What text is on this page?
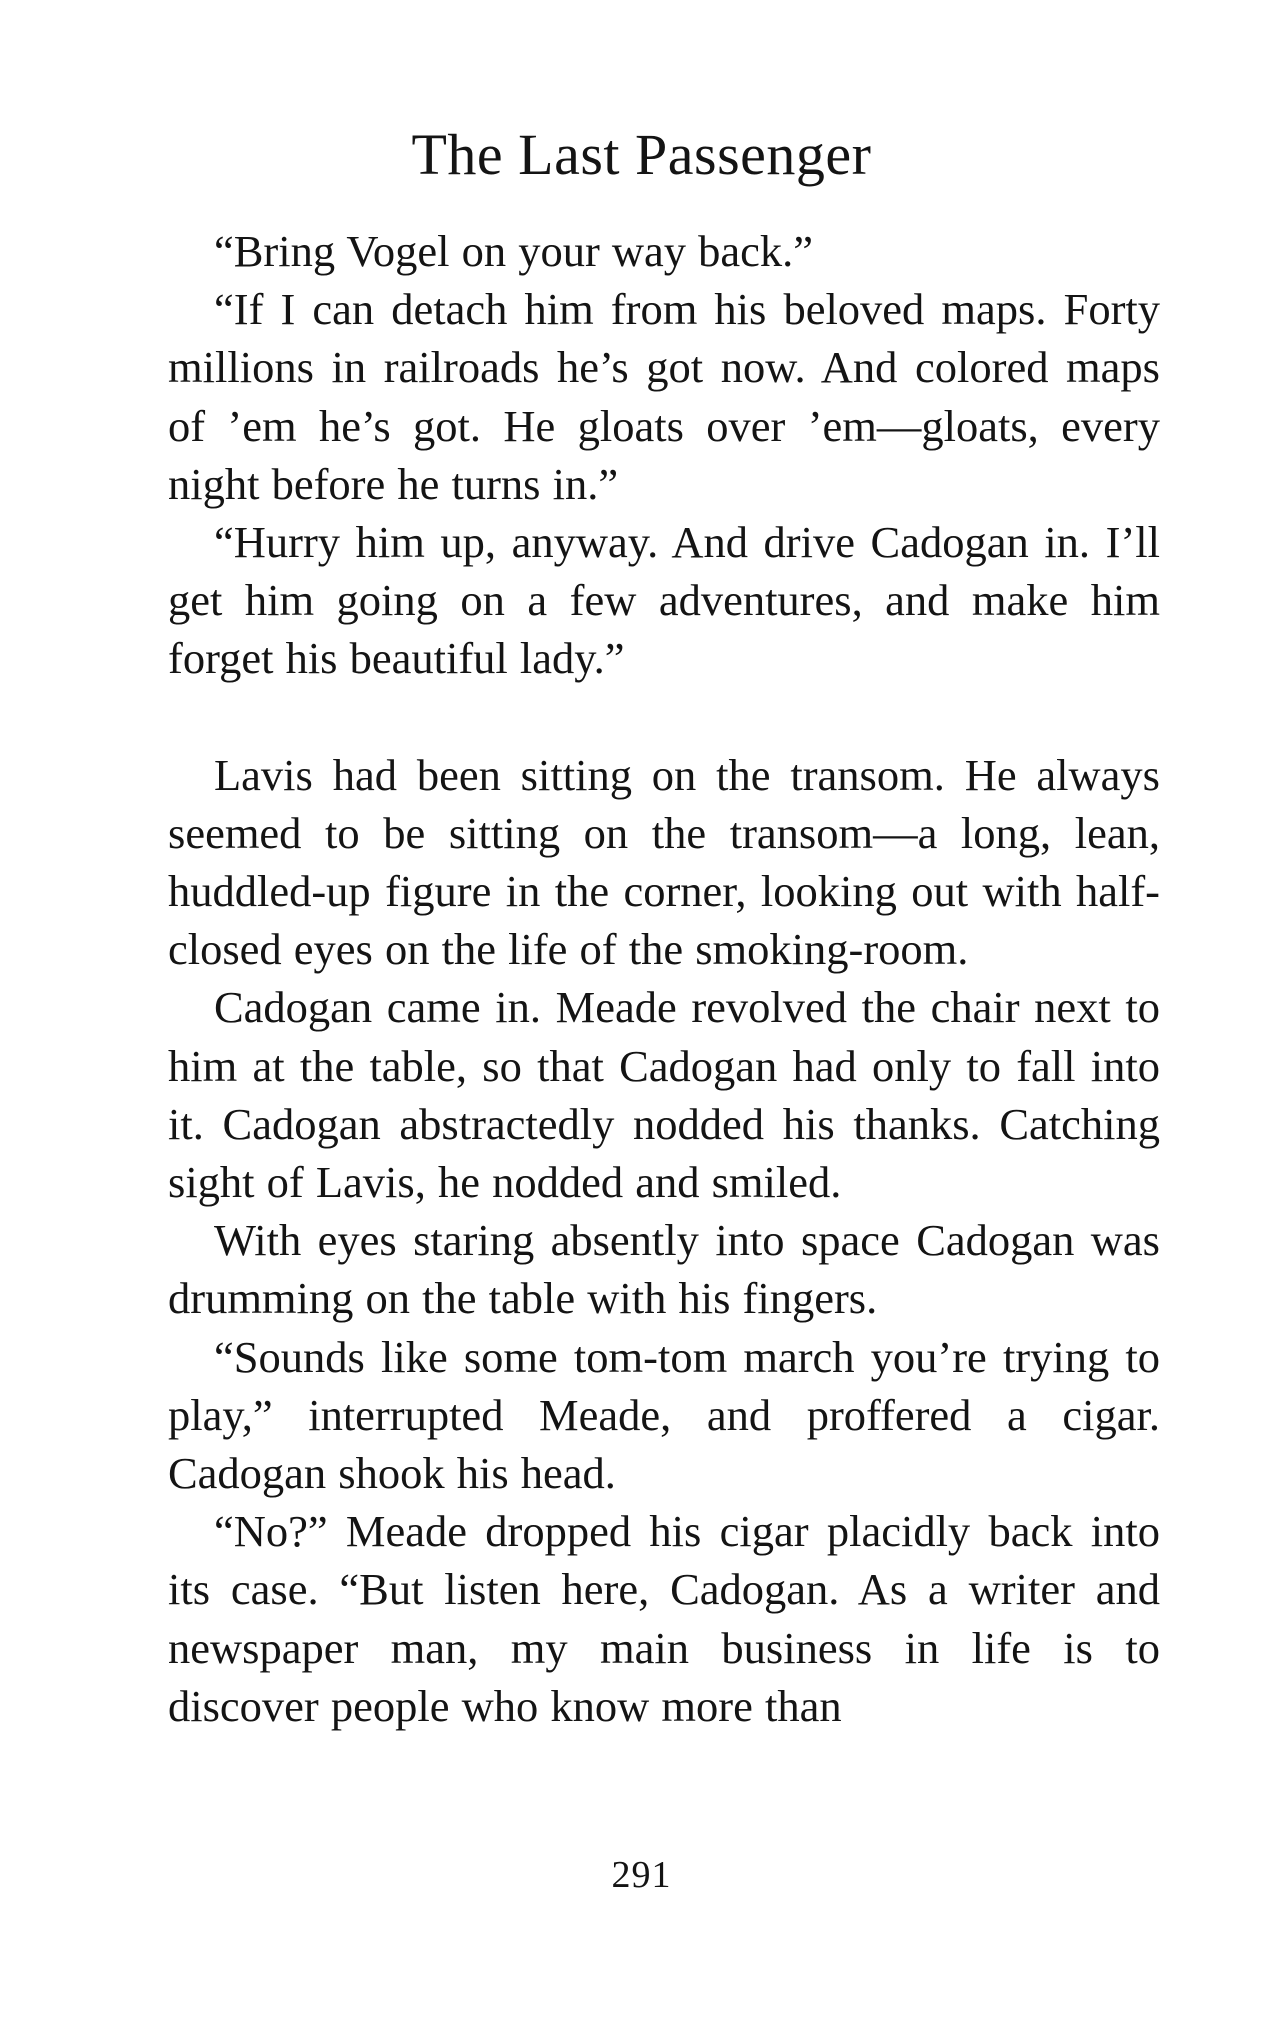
The Last Passenger

“Bring Vogel on your way back.”

“If I can detach him from his beloved maps. Forty millions in railroads he’s got now. And colored maps of ’em he’s got. He gloats over ’em—gloats, every night before he turns in.”

“Hurry him up, anyway. And drive Cadogan in. I’ll get him going on a few adventures, and make him forget his beautiful lady.”

Lavis had been sitting on the transom. He always seemed to be sitting on the transom—a long, lean, huddled-up figure in the corner, looking out with half-closed eyes on the life of the smoking-room.

Cadogan came in. Meade revolved the chair next to him at the table, so that Cadogan had only to fall into it. Cadogan abstractedly nodded his thanks. Catching sight of Lavis, he nodded and smiled.

With eyes staring absently into space Cadogan was drumming on the table with his fingers.

“Sounds like some tom-tom march you’re trying to play,” interrupted Meade, and proffered a cigar. Cadogan shook his head.

“No?” Meade dropped his cigar placidly back into its case. “But listen here, Cadogan. As a writer and newspaper man, my main business in life is to discover people who know more than

291
